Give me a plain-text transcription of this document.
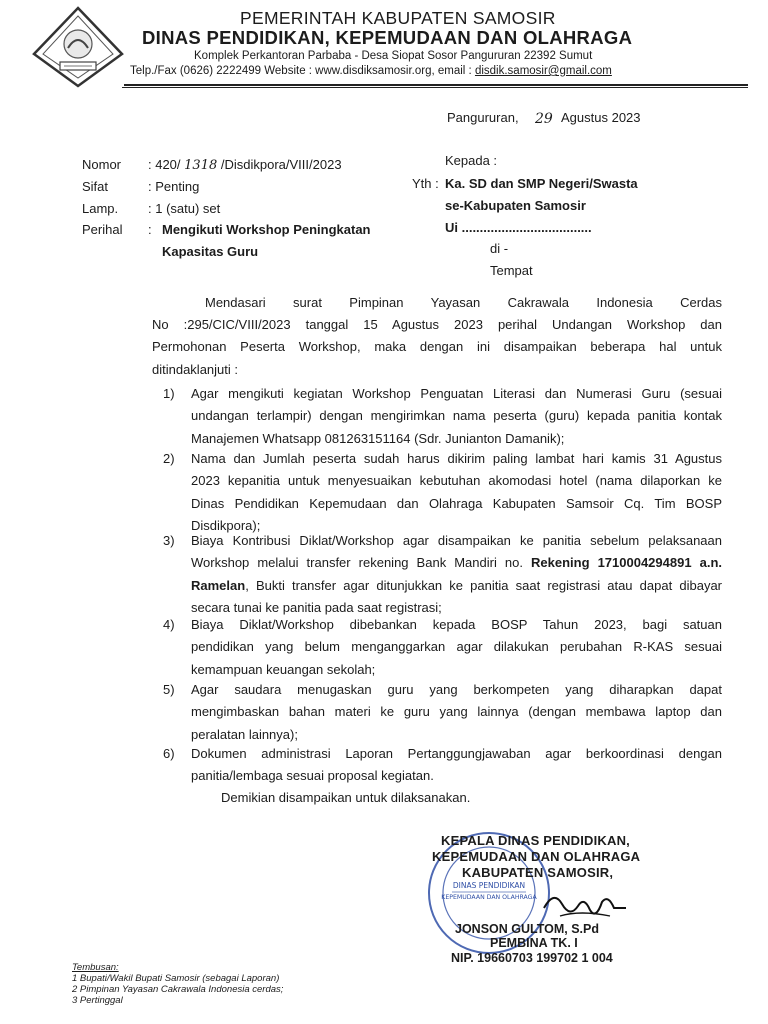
PEMERINTAH KABUPATEN SAMOSIR
DINAS PENDIDIKAN, KEPEMUDAAN DAN OLAHRAGA
Komplek Perkantoran Parbaba - Desa Siopat Sosor Pangururan 22392 Sumut
Telp./Fax (0626) 2222499 Website : www.disdiksamosir.org, email : disdik.samosir@gmail.com
Pangururan, 29 Agustus 2023
Nomor : 420/ 1318 /Disdikpora/VIII/2023
Sifat	: Penting
Lamp. : 1 (satu) set
Perihal : Mengikuti Workshop Peningkatan
Kapasitas Guru
Kepada :
Yth : Ka. SD dan SMP Negeri/Swasta
se-Kabupaten Samosir
Ui ....................................
di -
Tempat
Mendasari surat Pimpinan Yayasan Cakrawala Indonesia Cerdas
No :295/CIC/VIII/2023 tanggal 15 Agustus 2023 perihal Undangan Workshop dan
Permohonan Peserta Workshop, maka dengan ini disampaikan beberapa hal untuk
ditindaklanjuti :
1) Agar mengikuti kegiatan Workshop Penguatan Literasi dan Numerasi Guru (sesuai
undangan terlampir) dengan mengirimkan nama peserta (guru) kepada panitia kontak
Manajemen Whatsapp 081263151164 (Sdr. Junianton Damanik);
2) Nama dan Jumlah peserta sudah harus dikirim paling lambat hari kamis 31 Agustus
2023 kepanitia untuk menyesuaikan kebutuhan akomodasi hotel (nama dilaporkan ke
Dinas Pendidikan Kepemudaan dan Olahraga Kabupaten Samsoir Cq. Tim BOSP
Disdikpora);
3) Biaya Kontribusi Diklat/Workshop agar disampaikan ke panitia sebelum pelaksanaan
Workshop melalui transfer rekening Bank Mandiri no. Rekening 1710004294891 a.n.
Ramelan, Bukti transfer agar ditunjukkan ke panitia saat registrasi atau dapat dibayar
secara tunai ke panitia pada saat registrasi;
4) Biaya Diklat/Workshop dibebankan kepada BOSP Tahun 2023, bagi satuan
pendidikan yang belum menganggarkan agar dilakukan perubahan R-KAS sesuai
kemampuan keuangan sekolah;
5) Agar saudara menugaskan guru yang berkompeten yang diharapkan dapat
mengimbaskan bahan materi ke guru yang lainnya (dengan membawa laptop dan
peralatan lainnya);
6) Dokumen administrasi Laporan Pertanggungjawaban agar berkoordinasi dengan
panitia/lembaga sesuai proposal kegiatan.
Demikian disampaikan untuk dilaksanakan.
DINAS PENDIDIKAN
KEPEMUDAAN DAN OLAHRAGA
KEPALA DINAS PENDIDIKAN,
KEPEMUDAAN DAN OLAHRAGA
KABUPATEN SAMOSIR,
JONSON GULTOM, S.Pd
PEMBINA TK. I
NIP. 19660703 199702 1 004
Tembusan:
1 Bupati/Wakil Bupati Samosir (sebagai Laporan)
2 Pimpinan Yayasan Cakrawala Indonesia cerdas;
3 Pertinggal
